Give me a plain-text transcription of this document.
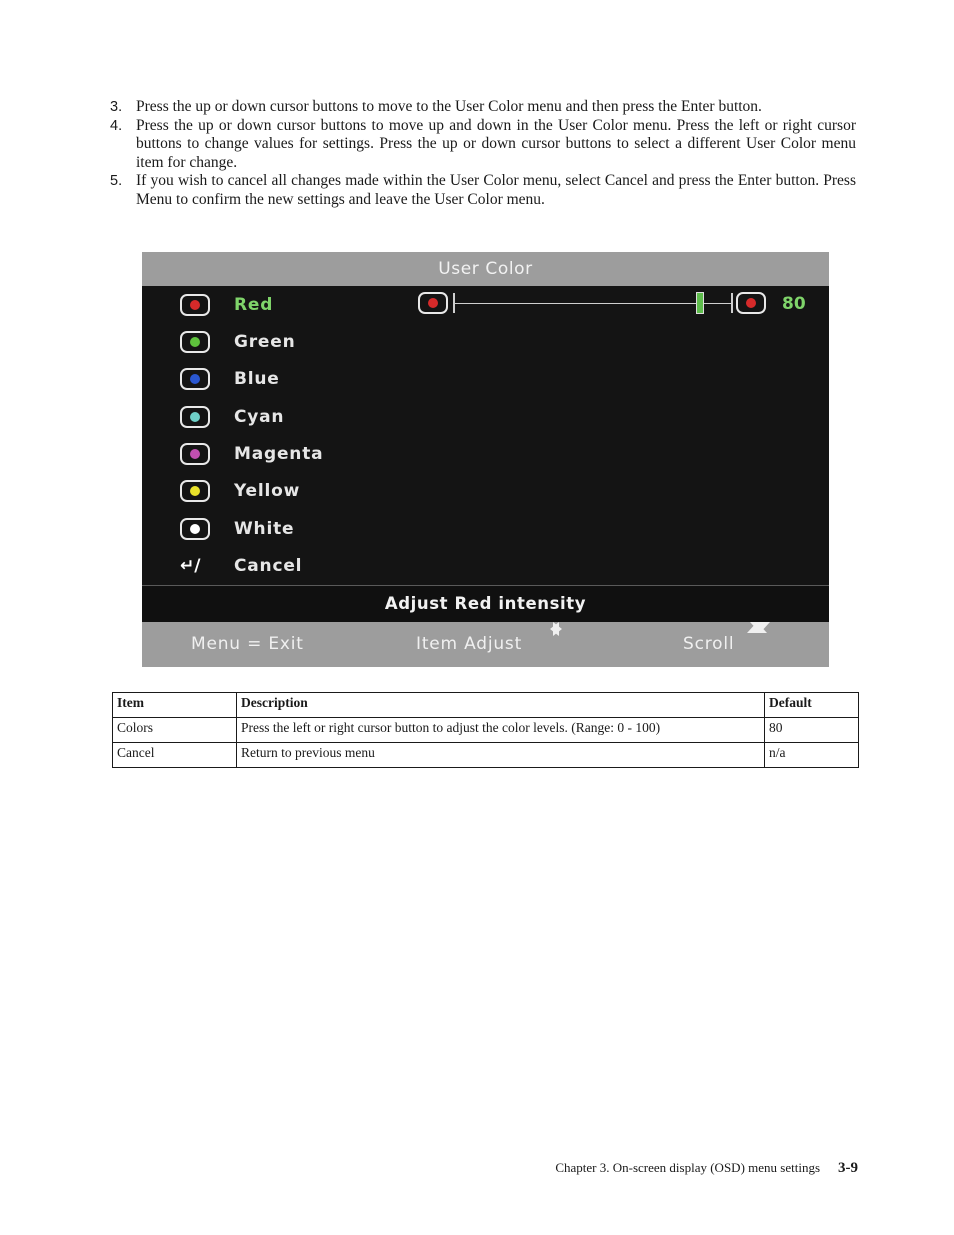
3. Press the up or down cursor buttons to move to the User Color menu and then press the Enter button.
4. Press the up or down cursor buttons to move up and down in the User Color menu. Press the left or right cursor buttons to change values for settings. Press the up or down cursor buttons to select a different User Color menu item for change.
5. If you wish to cancel all changes made within the User Color menu, select Cancel and press the Enter button. Press Menu to confirm the new settings and leave the User Color menu.
User Color
Red
Green
Blue
Cyan
Magenta
Yellow
White
↵/	Cancel
80
Adjust Red intensity
Menu = Exit	Item Adjust	Scroll
Item	Description	Default
Colors	Press the left or right cursor button to adjust the color levels. (Range: 0 - 100)	80
Cancel	Return to previous menu	n/a
Chapter 3. On-screen display (OSD) menu settings 3-9
